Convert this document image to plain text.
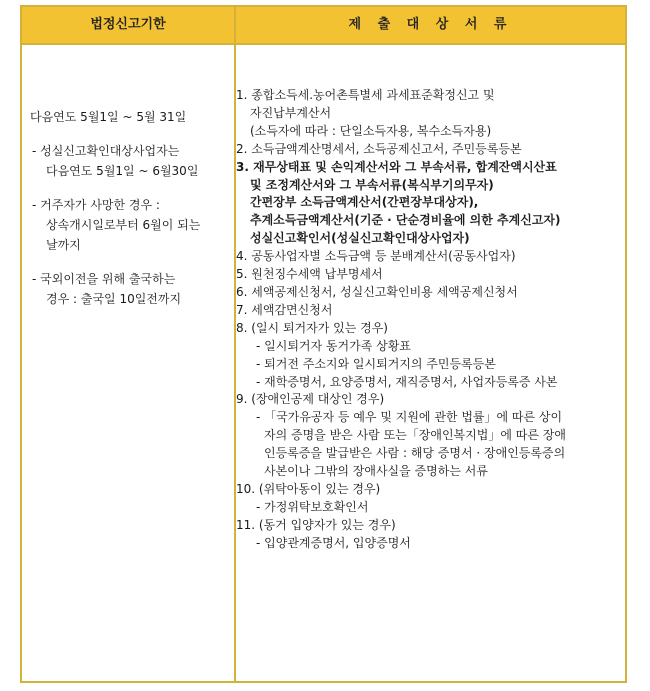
법정신고기한	제 출 대 상 서 류
다음연도 5월1일 ~ 5월 31일
- 성실신고확인대상사업자는
다음연도 5월1일 ~ 6월30일
- 거주자가 사망한 경우 :
상속개시일로부터 6월이 되는
날까지
- 국외이전을 위해 출국하는
경우 : 출국일 10일전까지
1. 종합소득세.농어촌특별세 과세표준확정신고 및
자진납부계산서
(소득자에 따라 : 단일소득자용, 복수소득자용)
2. 소득금액계산명세서, 소득공제신고서, 주민등록등본
3. 재무상태표 및 손익계산서와 그 부속서류, 합계잔액시산표
및 조정계산서와 그 부속서류(복식부기의무자)
간편장부 소득금액계산서(간편장부대상자),
추계소득금액계산서(기준 · 단순경비율에 의한 추계신고자)
성실신고확인서(성실신고확인대상사업자)
4. 공동사업자별 소득금액 등 분배계산서(공동사업자)
5. 원천징수세액 납부명세서
6. 세액공제신청서, 성실신고확인비용 세액공제신청서
7. 세액감면신청서
8. (일시 퇴거자가 있는 경우)
- 일시퇴거자 동거가족 상황표
- 퇴거전 주소지와 일시퇴거지의 주민등록등본
- 재학증명서, 요양증명서, 재직증명서, 사업자등록증 사본
9. (장애인공제 대상인 경우)
- 「국가유공자 등 예우 및 지원에 관한 법률」에 따른 상이
자의 증명을 받은 사람 또는「장애인복지법」에 따른 장애
인등록증을 발급받은 사람 : 해당 증명서 · 장애인등록증의
사본이나 그밖의 장애사실을 증명하는 서류
10. (위탁아동이 있는 경우)
- 가정위탁보호확인서
11. (동거 입양자가 있는 경우)
- 입양관계증명서, 입양증명서
